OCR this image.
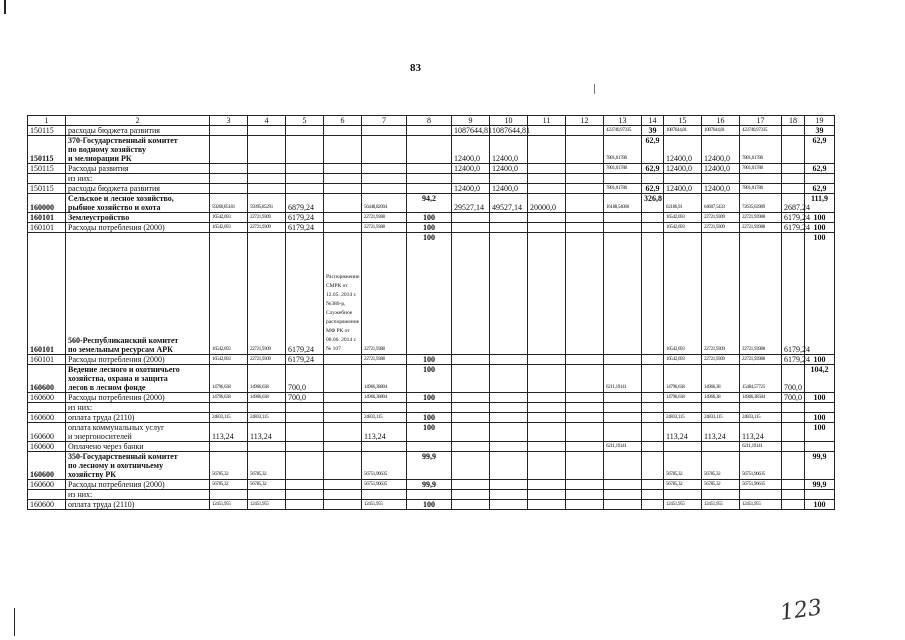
83
1	2	3	4	5	6	7	8	9	10	11	12	13	14	15	16	17	18	19
150115	расходы бюджета развития							1087644,81	1087644,81			423740,97335	39	1087644,81	1087644,81	423740,97335		39
150115	370-Государственный комитет
по водному хозяйству
и мелиорации РК							12400,0	12400,0			7801,01788	62,9	12400,0	12400,0	7801,01788		62,9
150115	Расходы развития							12400,0	12400,0			7801,01788	62,9	12400,0	12400,0	7801,01788		62,9

	из них:																	

150115	расходы бюджета развития							12400,0	12400,0			7801,01788	62,9	12400,0	12400,0	7801,01788		62,9
160000	Сельское и лесное хозяйство,
рыбное хозяйство и охота	59260,85181	59395,85291	6879,24		56448,82004	94,2	29527,14	49527,14	20000,0		16188,54066	326,8	62186,91	64607,5433	72635,63989	2687,24	111,9
160101	Землеустройство	16542,693	22721,9309	6179,24		22721,9388	100							16542,693	22721,9309	22721,93988	6179,24	100
160101	Расходы потребления (2000)	16542,693	22721,9309	6179,24		22721,9388	100							16542,693	22721,9309	22721,93988	6179,24	100
160101	560-Республиканский комитет
по земельным ресурсам АРК	16542,693	22721,9309	6179,24	Распоряжение СМРК от 12.05. 2014 г. №380-р, Служебное распоряжение МФ РК от 08.06. 2014 г. № 107	22721,9388	100							16542,693	22721,9309	22721,93988	6179,24	100
160101	Расходы потребления (2000)	16542,693	22721,9309	6179,24		22721,9388	100							16542,693	22721,9309	22721,93988	6179,24	100
160600	Ведение лесного и охотничьего
хозяйства, охрана и защита
лесов в лесном фонде	14796,638	14966,638	700,0		14966,38804	100					6211,19141		14796,638	14966,38	15484,57725	700,0	104,2
160600	Расходы потребления (2000)	14796,638	14966,638	700,0		14966,38804	100							14796,638	14966,38	14966,38584	700,0	100

	из них:																	

160600	оплата труда (2110)	24833,115	24833,115			24833,115	100							24833,115	24833,115	24833,115		100
160600	оплата коммунальных услуг
и энергоносителей	113,24	113,24			113,24	100							113,24	113,24	113,24		100
160600	Оплачено через банки											6211,19141				6211,19141		
160600	350-Государственный комитет
по лесному и охотничьему
хозяйству РК	56785,32	56785,32			56751,96635	99,9							56785,32	56785,32	56751,96635		99,9
160600	Расходы потребления (2000)	56785,32	56785,32			56751,96635	99,9							56785,32	56785,32	56751,96635		99,9

	из них:																	

160600	оплата труда (2110)	12451,955	12451,955			12451,955	100							12451,955	12451,955	12451,955		100
123
